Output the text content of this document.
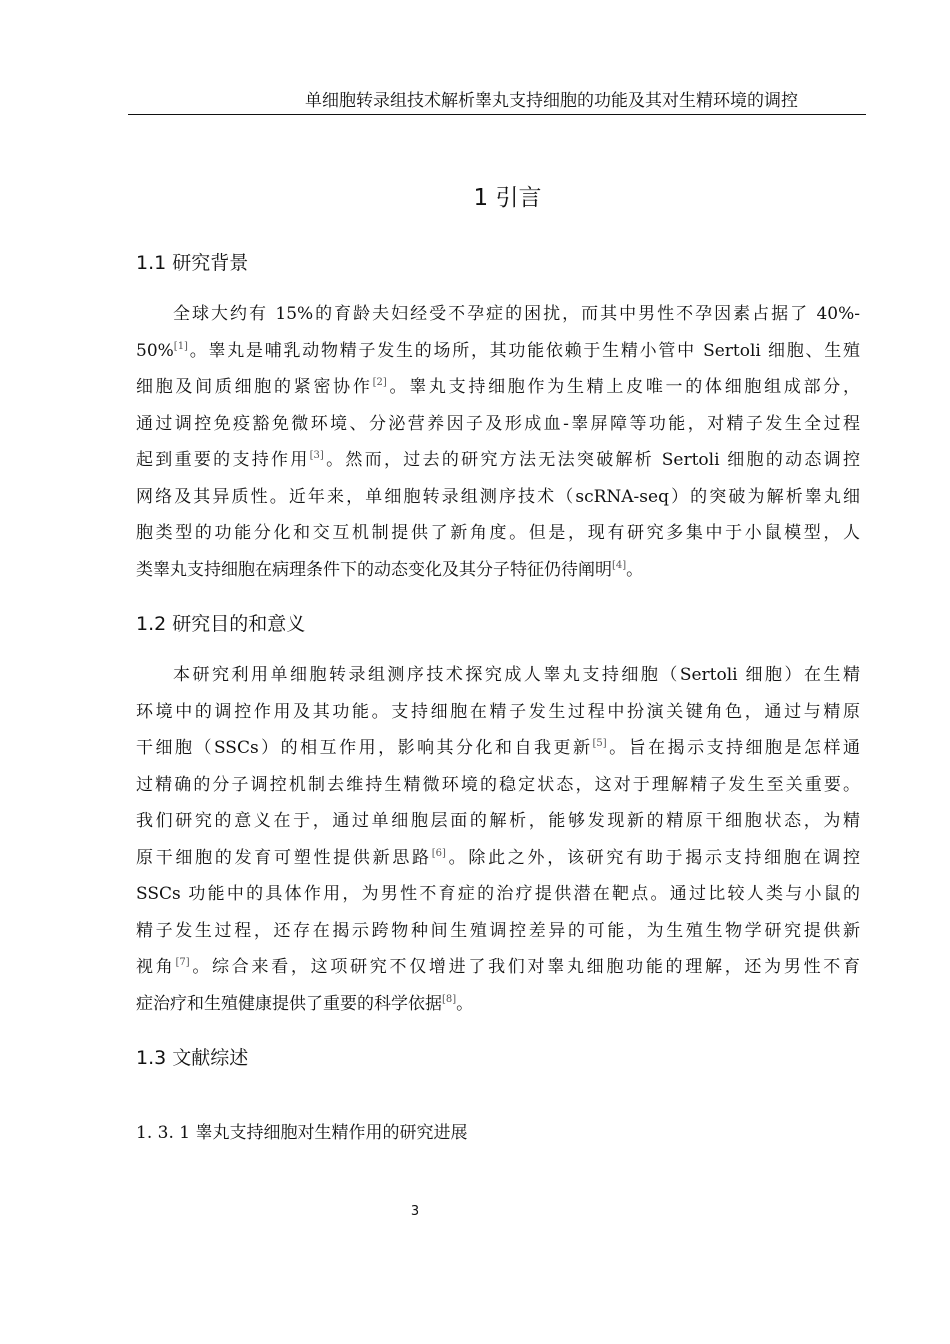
单细胞转录组技术解析睾丸支持细胞的功能及其对生精环境的调控
1 引言
1.1 研究背景
全球大约有 15%的育龄夫妇经受不孕症的困扰，而其中男性不孕因素占据了 40%-
50%[1]。睾丸是哺乳动物精子发生的场所，其功能依赖于生精小管中 Sertoli 细胞、生殖
细胞及间质细胞的紧密协作[2]。睾丸支持细胞作为生精上皮唯一的体细胞组成部分，
通过调控免疫豁免微环境、分泌营养因子及形成血-睾屏障等功能，对精子发生全过程
起到重要的支持作用[3]。然而，过去的研究方法无法突破解析 Sertoli 细胞的动态调控
网络及其异质性。近年来，单细胞转录组测序技术（scRNA-seq）的突破为解析睾丸细
胞类型的功能分化和交互机制提供了新角度。但是，现有研究多集中于小鼠模型，人
类睾丸支持细胞在病理条件下的动态变化及其分子特征仍待阐明[4]。
1.2 研究目的和意义
本研究利用单细胞转录组测序技术探究成人睾丸支持细胞（Sertoli 细胞）在生精
环境中的调控作用及其功能。支持细胞在精子发生过程中扮演关键角色，通过与精原
干细胞（SSCs）的相互作用，影响其分化和自我更新[5]。旨在揭示支持细胞是怎样通
过精确的分子调控机制去维持生精微环境的稳定状态，这对于理解精子发生至关重要。
我们研究的意义在于，通过单细胞层面的解析，能够发现新的精原干细胞状态，为精
原干细胞的发育可塑性提供新思路[6]。除此之外，该研究有助于揭示支持细胞在调控
SSCs 功能中的具体作用，为男性不育症的治疗提供潜在靶点。通过比较人类与小鼠的
精子发生过程，还存在揭示跨物种间生殖调控差异的可能，为生殖生物学研究提供新
视角[7]。综合来看，这项研究不仅增进了我们对睾丸细胞功能的理解，还为男性不育
症治疗和生殖健康提供了重要的科学依据[8]。
1.3 文献综述
1. 3. 1 睾丸支持细胞对生精作用的研究进展
3
